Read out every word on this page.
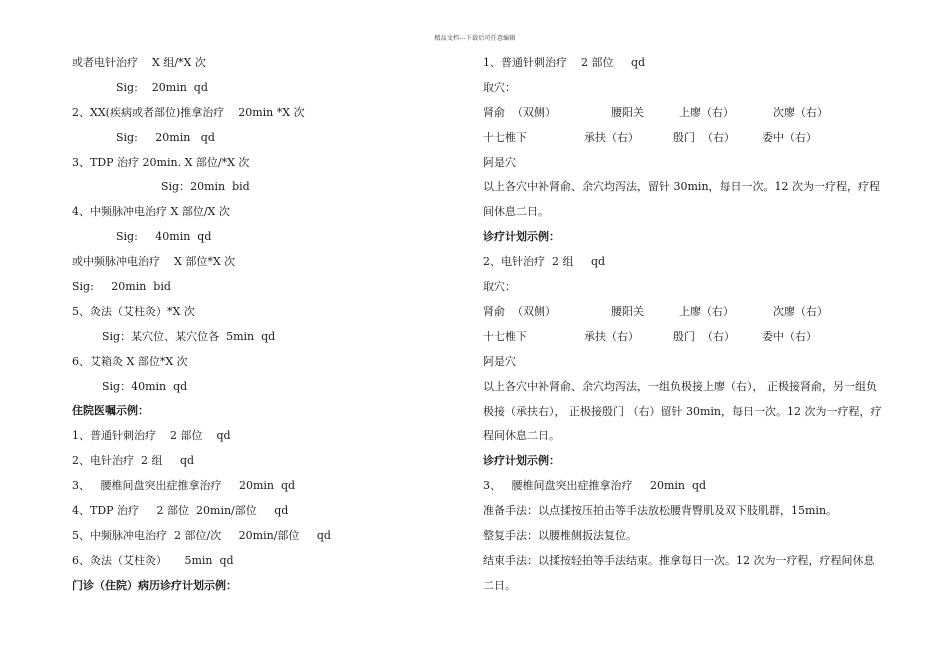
精品文档---下载后可任意编辑
或者电针治疗    X 组/*X 次
Sig:    20min  qd
2、XX(疾病或者部位)推拿治疗    20min *X 次
Sig:     20min   qd
3、TDP 治疗 20min. X 部位/*X 次
Sig：20min  bid
4、中频脉冲电治疗 X 部位/X 次
Sig:     40min  qd
或中频脉冲电治疗    X 部位*X 次
Sig:     20min  bid
5、灸法（艾柱灸）*X 次
Sig：某穴位、某穴位各  5min  qd
6、艾箱灸 X 部位*X 次
Sig：40min  qd
住院医嘱示例：
1、普通针刺治疗    2 部位    qd
2、电针治疗  2 组     qd
3、   腰椎间盘突出症推拿治疗     20min  qd
4、TDP 治疗     2 部位  20min/部位     qd
5、中频脉冲电治疗  2 部位/次     20min/部位     qd
6、灸法（艾柱灸）     5min  qd
门诊（住院）病历诊疗计划示例：
1、普通针刺治疗    2 部位     qd
取穴：
肾俞  （双侧）	腰阳关	上廖（右）	次廖（右）
十七椎下	承扶（右）	殷门  （右）	委中（右）
阿是穴
以上各穴中补肾俞、余穴均泻法，留针 30min，每日一次。12 次为一疗程，疗程间休息二日。
诊疗计划示例：
2、电针治疗  2 组     qd
取穴：
肾俞  （双侧）	腰阳关	上廖（右）	次廖（右）
十七椎下	承扶（右）	殷门  （右）	委中（右）
阿是穴
以上各穴中补肾俞、余穴均泻法，一组负极接上廖（右）， 正极接肾俞，另一组负极接（承扶右）， 正极接殷门 （右）留针 30min，每日一次。12 次为一疗程，疗程间休息二日。
诊疗计划示例：
3、   腰椎间盘突出症推拿治疗     20min  qd
准备手法：以点揉按压拍击等手法放松腰背臀肌及双下肢肌群，15min。
整复手法：以腰椎侧扳法复位。
结束手法：以揉按轻拍等手法结束。推拿每日一次。12 次为一疗程，疗程间休息二日。
